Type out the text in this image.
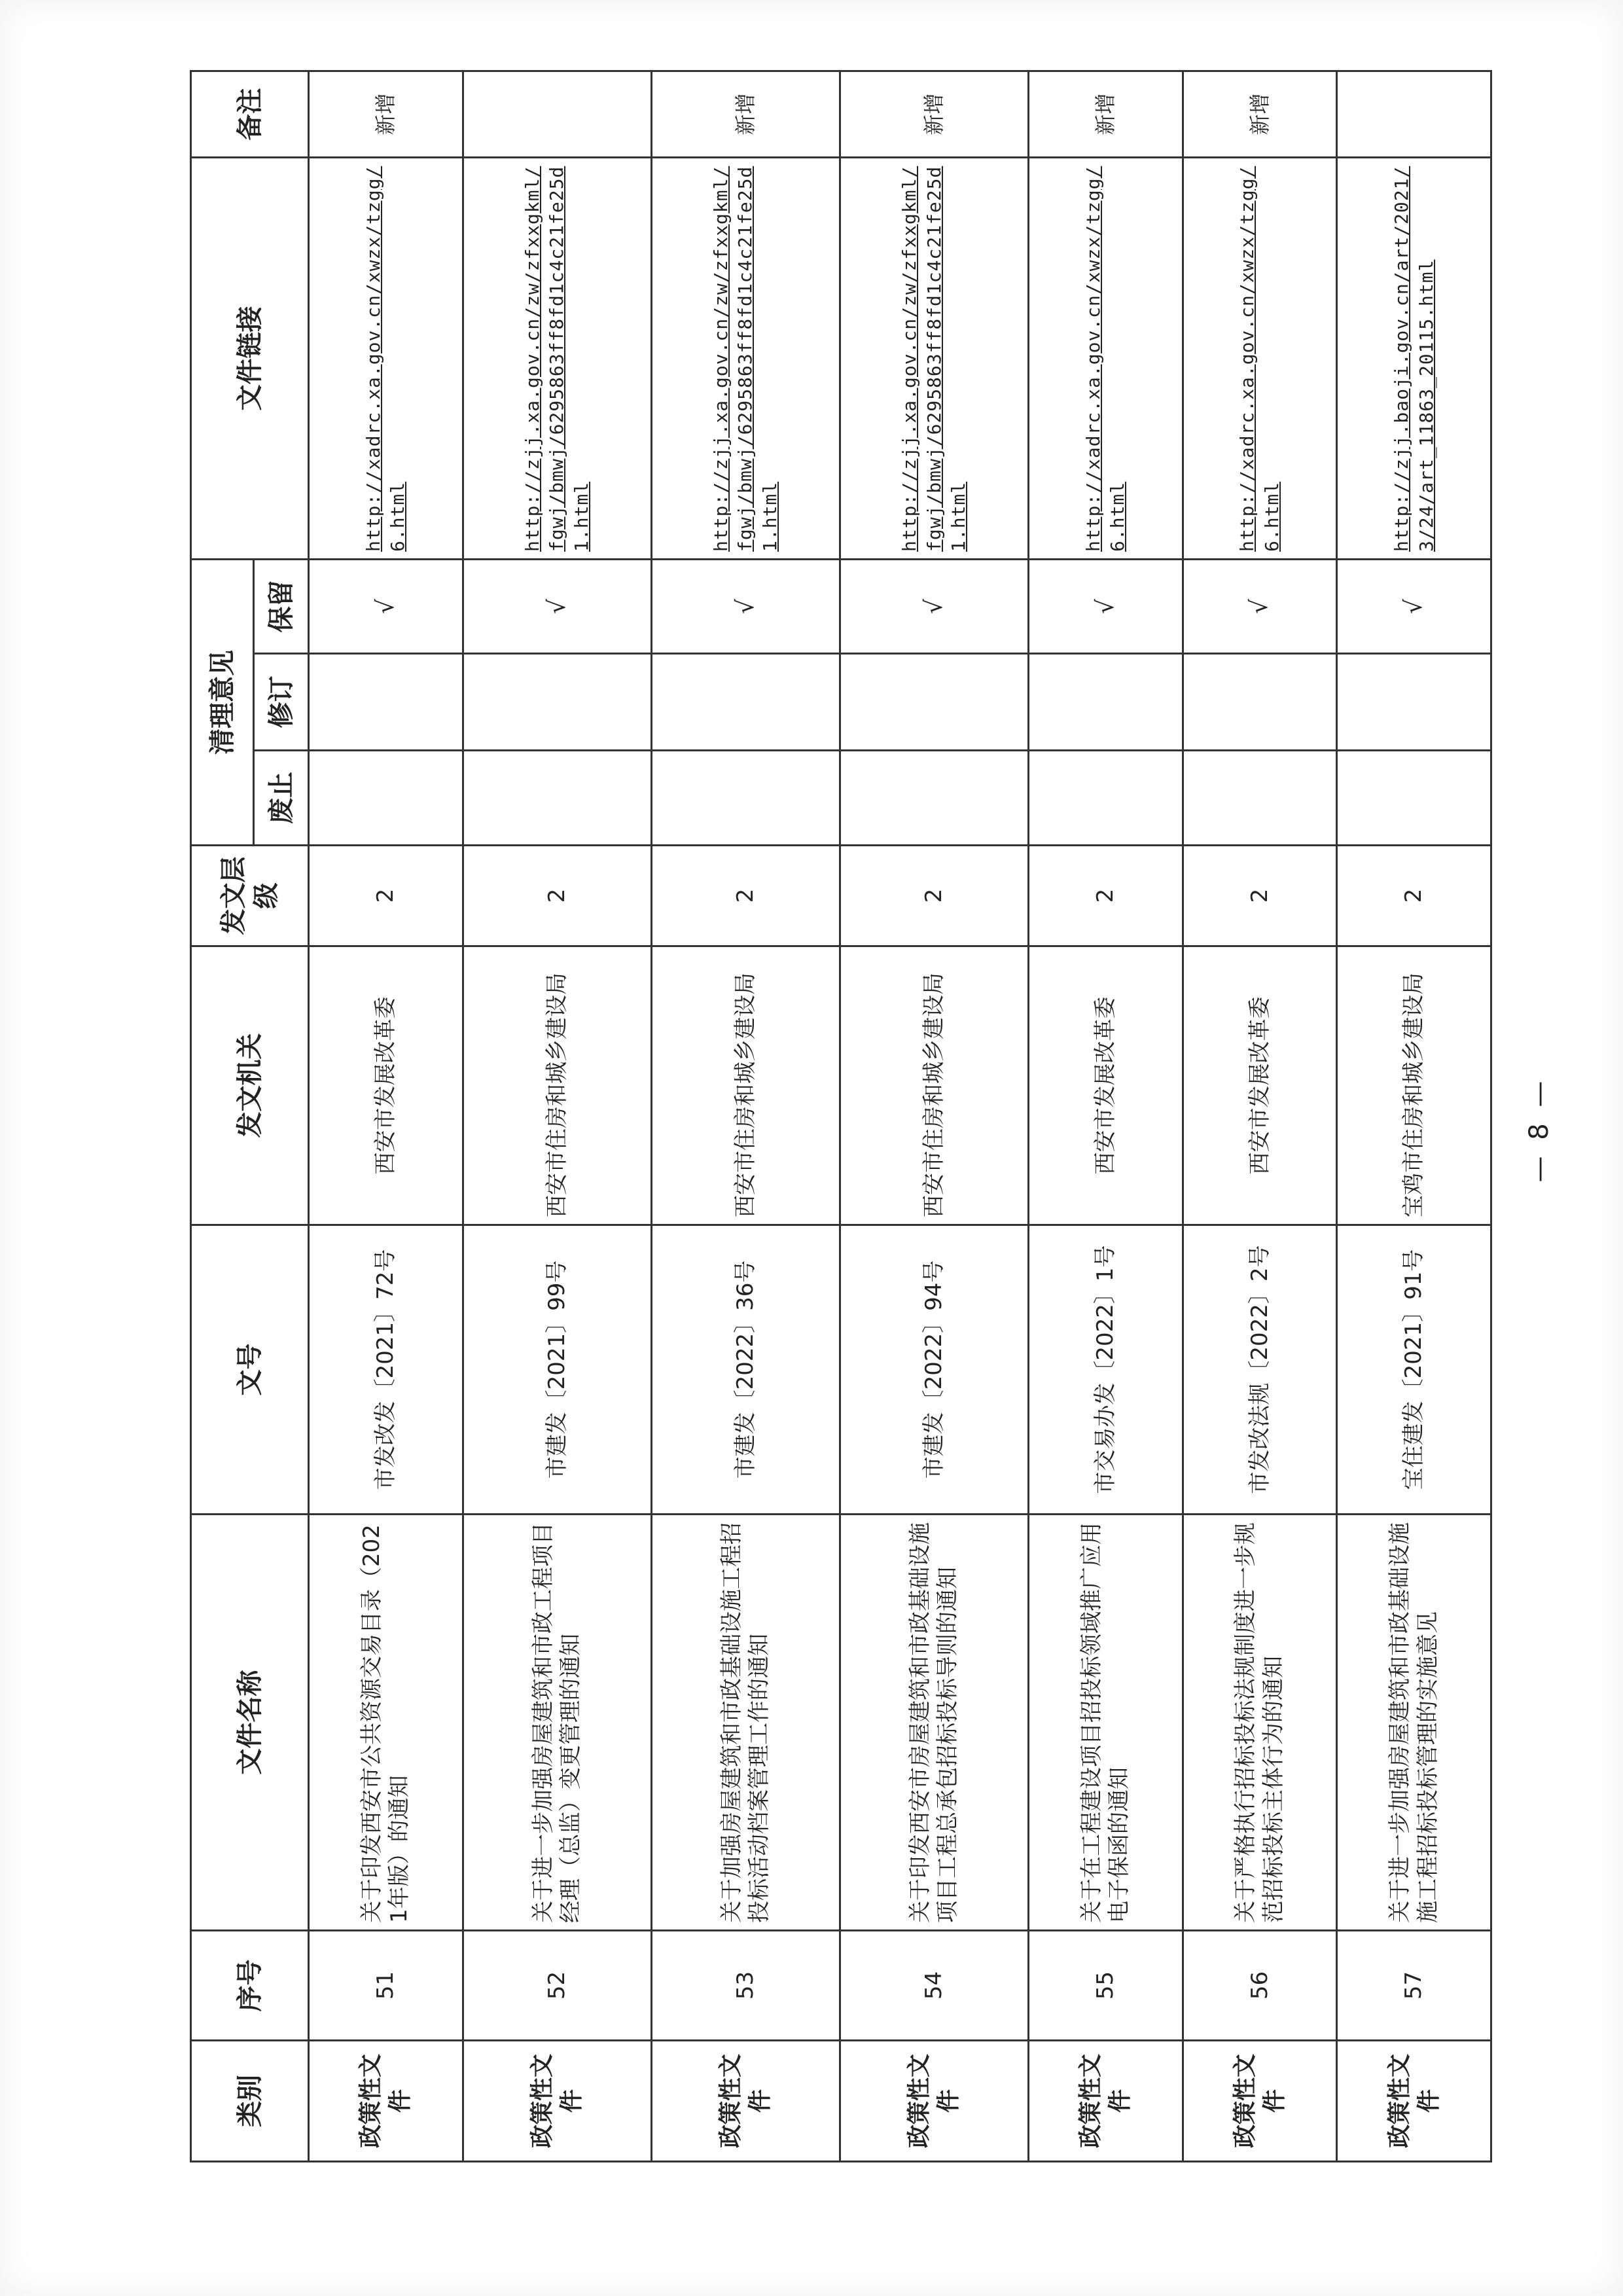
类别	序号	文件名称	文号	发文机关	发文层级	清理意见			文件链接	备注
						废止	修订	保留		
政策性文件	51	关于印发西安市公共资源交易目录（2021年版）的通知	市发改发〔2021〕72号	西安市发展改革委	2			√	http://xadrc.xa.gov.cn/xwzx/tzgg/6.html	新增
政策性文件	52	关于进一步加强房屋建筑和市政工程项目经理（总监）变更管理的通知	市建发〔2021〕99号	西安市住房和城乡建设局	2			√	http://zjj.xa.gov.cn/zw/zfxxgkml/fgwj/bmwj/6295863ff8fd1c4c21fe25d1.html	
政策性文件	53	关于加强房屋建筑和市政基础设施工程招投标活动档案管理工作的通知	市建发〔2022〕36号	西安市住房和城乡建设局	2			√	http://zjj.xa.gov.cn/zw/zfxxgkml/fgwj/bmwj/6295863ff8fd1c4c21fe25d1.html	新增
政策性文件	54	关于印发西安市房屋建筑和市政基础设施项目工程总承包招标投标导则的通知	市建发〔2022〕94号	西安市住房和城乡建设局	2			√	http://zjj.xa.gov.cn/zw/zfxxgkml/fgwj/bmwj/6295863ff8fd1c4c21fe25d1.html	新增
政策性文件	55	关于在工程建设项目招投标领域推广应用电子保函的通知	市交易办发〔2022〕1号	西安市发展改革委	2			√	http://xadrc.xa.gov.cn/xwzx/tzgg/6.html	新增
政策性文件	56	关于严格执行招标投标法规制度进一步规范招标投标主体行为的通知	市发改法规〔2022〕2号	西安市发展改革委	2			√	http://xadrc.xa.gov.cn/xwzx/tzgg/6.html	新增
政策性文件	57	关于进一步加强房屋建筑和市政基础设施施工程招标投标管理的实施意见	宝住建发〔2021〕91号	宝鸡市住房和城乡建设局	2			√	http://zjj.baoji.gov.cn/art/2021/3/24/art_11863_20115.html	
— 8 —
